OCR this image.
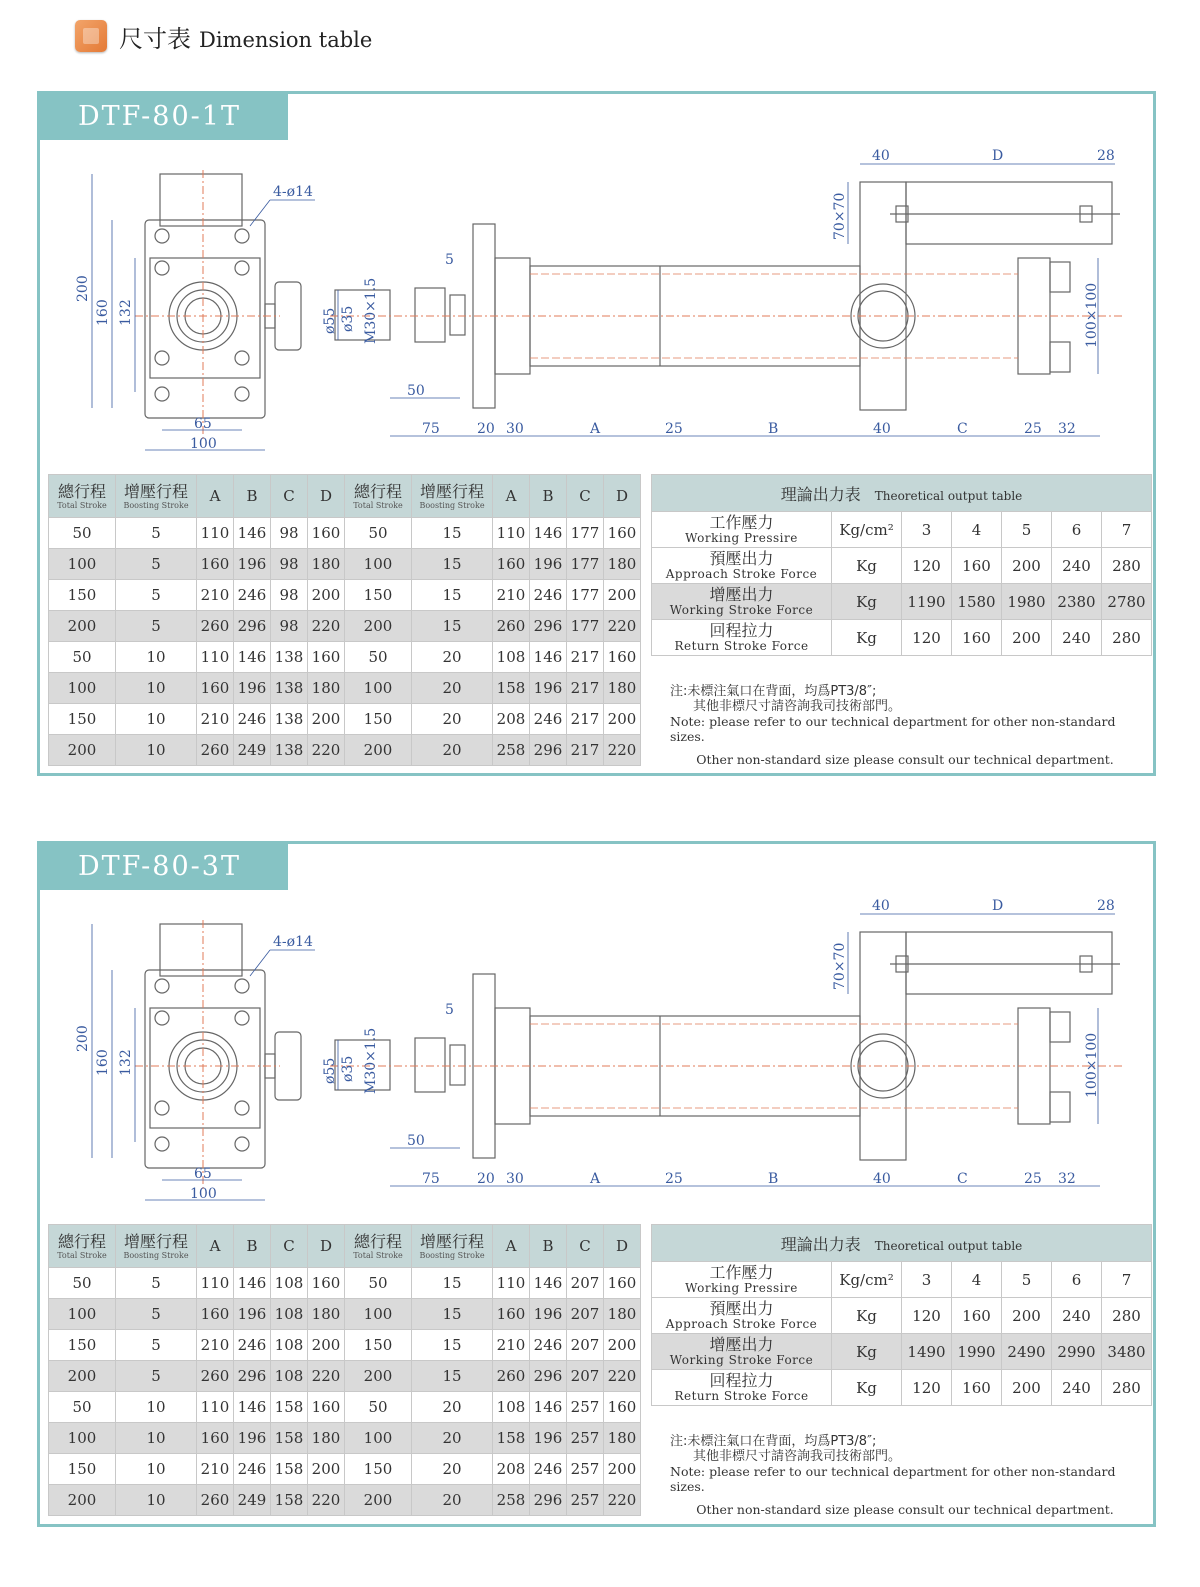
尺寸表 Dimension table
DTF-80-1T
4-ø14
200
160 132
65
100
5
ø55 ø35 M30×1.5
50
75	20 30	A	25	B	40	C	25 32
40	D	28
70×70
100×100
總行程
Total Stroke	增壓行程
Boosting Stroke	A	B	C	D	總行程
Total Stroke	增壓行程
Boosting Stroke	A	B	C	D
50	5	110	146	98	160	50	15	110	146	177	160
100	5	160	196	98	180	100	15	160	196	177	180
150	5	210	246	98	200	150	15	210	246	177	200
200	5	260	296	98	220	200	15	260	296	177	220
50	10	110	146	138	160	50	20	108	146	217	160
100	10	160	196	138	180	100	20	158	196	217	180
150	10	210	246	138	200	150	20	208	246	217	200
200	10	260	249	138	220	200	20	258	296	217	220
理論出力表 Theoretical output table						

工作壓力
Working Pressire	Kg/cm²	3	4	5	6	7

預壓出力
Approach Stroke Force	Kg	120	160	200	240	280

增壓出力
Working Stroke Force	Kg	1190	1580	1980	2380	2780

回程拉力
Return Stroke Force	Kg	120	160	200	240	280
注:未標注氣口在背面，均爲PT3/8″;
其他非標尺寸請咨詢我司技術部門。
Note: please refer to our technical department for other non-standard sizes.
Other non-standard size please consult our technical department.
DTF-80-3T
4-ø14
200
160 132
65
100
5
ø55 ø35 M30×1.5
50
75	20 30	A	25	B	40	C	25 32
40	D	28
70×70
100×100
總行程
Total Stroke	增壓行程
Boosting Stroke	A	B	C	D	總行程
Total Stroke	增壓行程
Boosting Stroke	A	B	C	D
50	5	110	146	108	160	50	15	110	146	207	160
100	5	160	196	108	180	100	15	160	196	207	180
150	5	210	246	108	200	150	15	210	246	207	200
200	5	260	296	108	220	200	15	260	296	207	220
50	10	110	146	158	160	50	20	108	146	257	160
100	10	160	196	158	180	100	20	158	196	257	180
150	10	210	246	158	200	150	20	208	246	257	200
200	10	260	249	158	220	200	20	258	296	257	220
理論出力表 Theoretical output table						

工作壓力
Working Pressire	Kg/cm²	3	4	5	6	7

預壓出力
Approach Stroke Force	Kg	120	160	200	240	280

增壓出力
Working Stroke Force	Kg	1490	1990	2490	2990	3480

回程拉力
Return Stroke Force	Kg	120	160	200	240	280
注:未標注氣口在背面，均爲PT3/8″;
其他非標尺寸請咨詢我司技術部門。
Note: please refer to our technical department for other non-standard sizes.
Other non-standard size please consult our technical department.
